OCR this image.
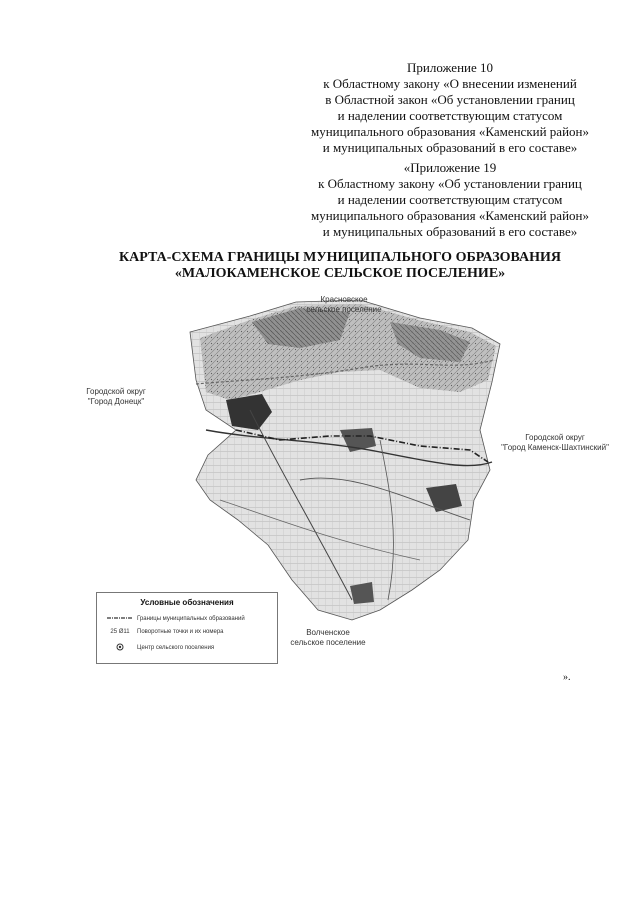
Приложение 10
к Областному закону «О внесении изменений
в Областной закон «Об установлении границ
и наделении соответствующим статусом
муниципального образования «Каменский район»
и муниципальных образований в его составе»
«Приложение 19
к Областному закону «Об установлении границ
и наделении соответствующим статусом
муниципального образования «Каменский район»
и муниципальных образований в его составе»
КАРТА-СХЕМА ГРАНИЦЫ МУНИЦИПАЛЬНОГО ОБРАЗОВАНИЯ
«МАЛОКАМЕНСКОЕ СЕЛЬСКОЕ ПОСЕЛЕНИЕ»
Красновское
сельское поселение
Городской округ
"Город Донецк"
Городской округ
"Город Каменск-Шахтинский"
Волченское
сельское поселение
Условные обозначения
Границы муниципальных образований
25 Ø11	Поворотные точки и их номера
Центр сельского поселения
».
